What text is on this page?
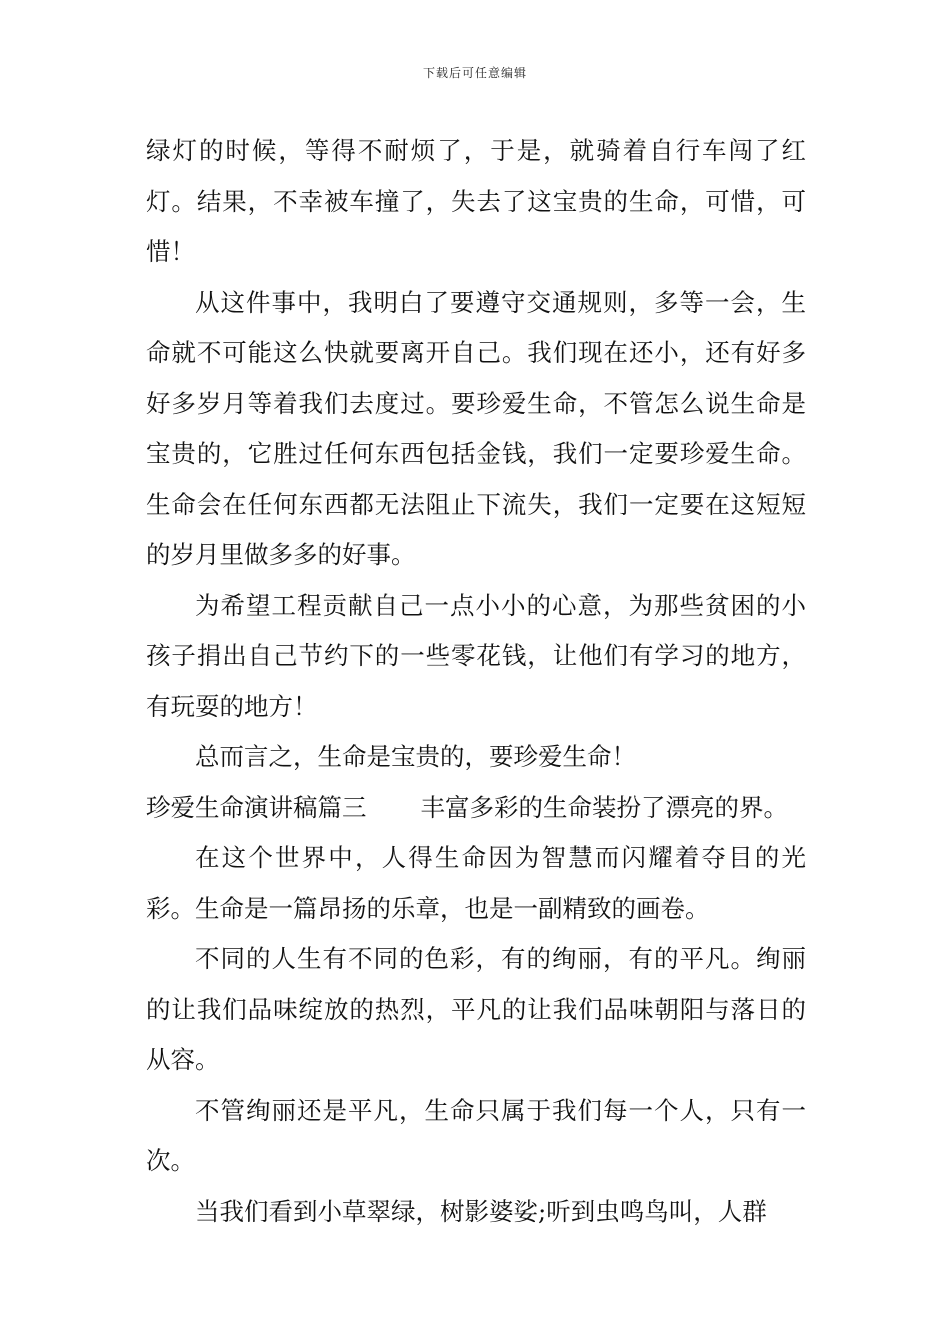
下载后可任意编辑

绿灯的时候，等得不耐烦了，于是，就骑着自行车闯了红灯。结果，不幸被车撞了，失去了这宝贵的生命，可惜，可惜！

从这件事中，我明白了要遵守交通规则，多等一会，生命就不可能这么快就要离开自己。我们现在还小，还有好多好多岁月等着我们去度过。要珍爱生命，不管怎么说生命是宝贵的，它胜过任何东西包括金钱，我们一定要珍爱生命。生命会在任何东西都无法阻止下流失，我们一定要在这短短的岁月里做多多的好事。

为希望工程贡献自己一点小小的心意，为那些贫困的小孩子捐出自己节约下的一些零花钱，让他们有学习的地方，有玩耍的地方！

总而言之，生命是宝贵的，要珍爱生命！

珍爱生命演讲稿篇三 丰富多彩的生命装扮了漂亮的界。

在这个世界中，人得生命因为智慧而闪耀着夺目的光彩。生命是一篇昂扬的乐章，也是一副精致的画卷。

不同的人生有不同的色彩，有的绚丽，有的平凡。绚丽的让我们品味绽放的热烈，平凡的让我们品味朝阳与落日的从容。

不管绚丽还是平凡，生命只属于我们每一个人，只有一次。

当我们看到小草翠绿，树影婆娑;听到虫鸣鸟叫，人群
